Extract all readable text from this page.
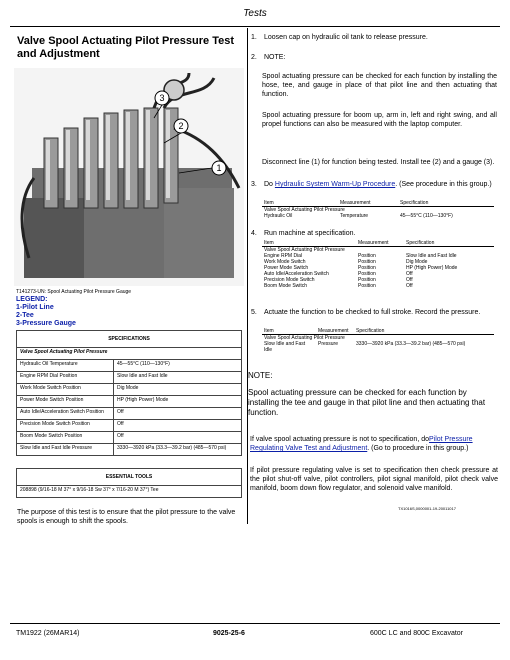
Tests
Valve Spool Actuating Pilot Pressure Test and Adjustment
3
2
1
T141273-UN: Spool Actuating Pilot Pressure Gauge
LEGEND:
1-Pilot Line
2-Tee
3-Pressure Gauge
SPECIFICATIONS	
Valve Spool Actuating Pilot Pressure	
Hydraulic Oil Temperature	45—55°C (110—130°F)
Engine RPM Dial Position	Slow Idle and Fast Idle
Work Mode Switch Position	Dig Mode
Power Mode Switch Position	HP (High Power) Mode
Auto Idle/Acceleration Switch Position	Off
Precision Mode Switch Position	Off
Boom Mode Switch Position	Off
Slow Idle and Fast Idle Pressure	3330—3920 kPa (33.3—39.2 bar) (485—570 psi)
ESSENTIAL TOOLS
208898 (9/16-18 M 37° x 9/16-18 Sw 37° x 7/16-20 M 37°) Tee
The purpose of this test is to ensure that the pilot pressure to the valve spools is enough to shift the spools.
1. Loosen cap on hydraulic oil tank to release pressure.
2. NOTE:
Spool actuating pressure can be checked for each function by installing the hose, tee, and gauge in place of that pilot line and then actuating that function.
Spool actuating pressure for boom up, arm in, left and right swing, and all propel functions can also be measured with the laptop computer.
Disconnect line (1) for function being tested. Install tee (2) and a gauge (3).
3. Do Hydraulic System Warm-Up Procedure. (See procedure in this group.)
Item	Measurement	Specification
Valve Spool Actuating Pilot Pressure		
Hydraulic Oil	Temperature	45—55°C (110—130°F)
4. Run machine at specification.
Item	Measurement	Specification
Valve Spool Actuating Pilot Pressure		
Engine RPM Dial	Position	Slow Idle and Fast Idle
Work Mode Switch	Position	Dig Mode
Power Mode Switch	Position	HP (High Power) Mode
Auto Idle/Acceleration Switch	Position	Off
Precision Mode Switch	Position	Off
Boom Mode Switch	Position	Off
5. Actuate the function to be checked to full stroke. Record the pressure.
Item	Measurement	Specification
Valve Spool Actuating Pilot Pressure		
Slow Idle and Fast Idle	Pressure	3330—3920 kPa (33.3—39.2 bar) (485—570 psi)
NOTE:
Spool actuating pressure can be checked for each function by installing the tee and gauge in that pilot line and then actuating that function.
If valve spool actuating pressure is not to specification, doPilot Pressure Regulating Valve Test and Adjustment. (Go to procedure in this group.)
If pilot pressure regulating valve is set to specification then check pressure at the pilot shut-off valve, pilot controllers, pilot signal manifold, pilot check valve manifold, boom down flow regulator, and solenoid valve manifold.
TX1016S,0000001-19-20011017
TM1922 (26MAR14)	9025-25-6	600C LC and 800C Excavator
